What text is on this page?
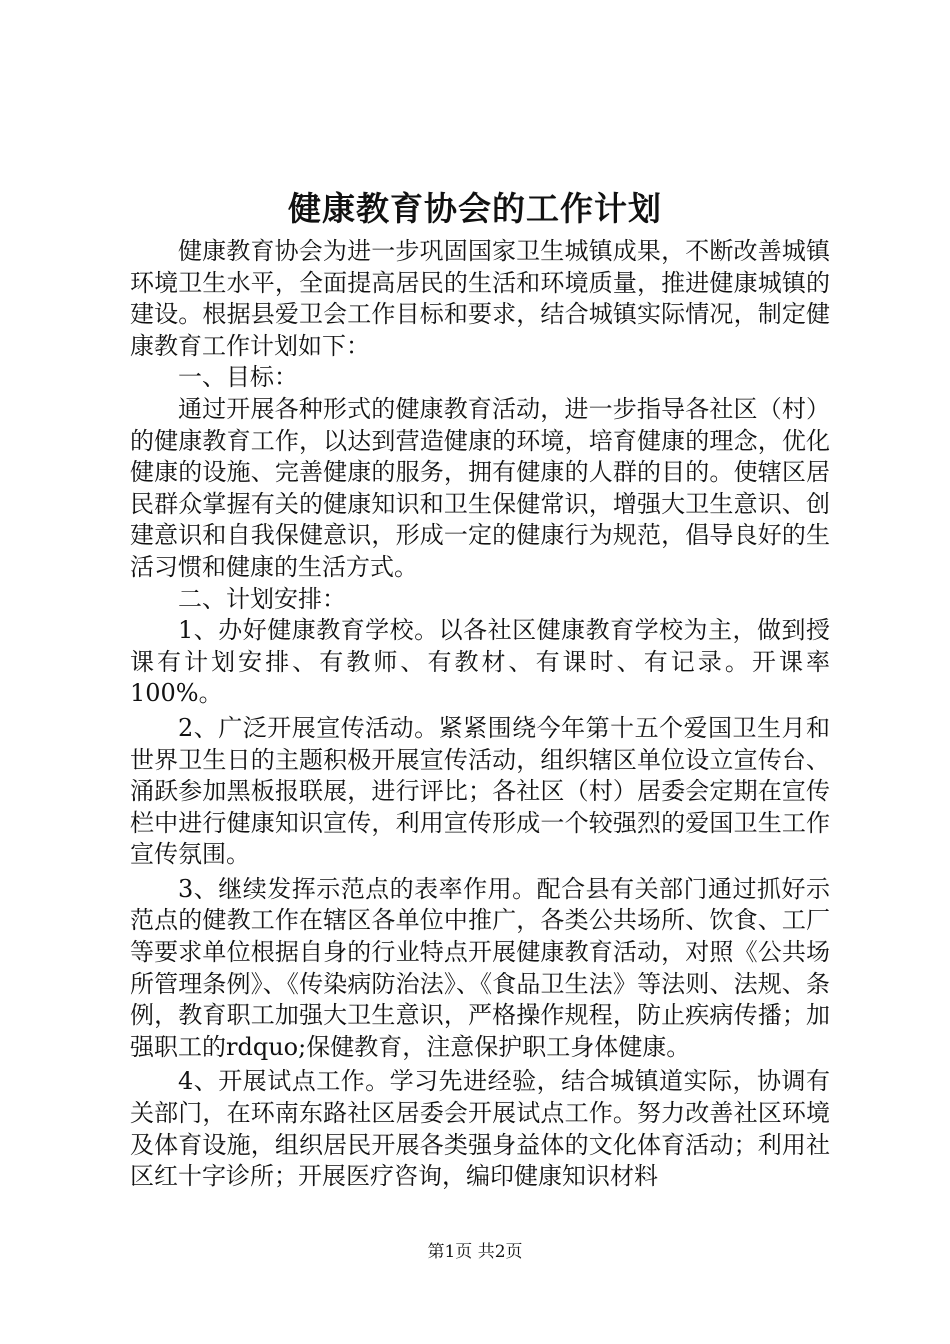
健康教育协会的工作计划

健康教育协会为进一步巩固国家卫生城镇成果，不断改善城镇环境卫生水平，全面提高居民的生活和环境质量，推进健康城镇的建设。根据县爱卫会工作目标和要求，结合城镇实际情况，制定健康教育工作计划如下：

一、目标：

通过开展各种形式的健康教育活动，进一步指导各社区（村）的健康教育工作，以达到营造健康的环境，培育健康的理念，优化健康的设施、完善健康的服务，拥有健康的人群的目的。使辖区居民群众掌握有关的健康知识和卫生保健常识，增强大卫生意识、创建意识和自我保健意识，形成一定的健康行为规范，倡导良好的生活习惯和健康的生活方式。

二、计划安排：

1、办好健康教育学校。以各社区健康教育学校为主，做到授课有计划安排、有教师、有教材、有课时、有记录。开课率100%。

2、广泛开展宣传活动。紧紧围绕今年第十五个爱国卫生月和世界卫生日的主题积极开展宣传活动，组织辖区单位设立宣传台、涌跃参加黑板报联展，进行评比；各社区（村）居委会定期在宣传栏中进行健康知识宣传，利用宣传形成一个较强烈的爱国卫生工作宣传氛围。

3、继续发挥示范点的表率作用。配合县有关部门通过抓好示范点的健教工作在辖区各单位中推广，各类公共场所、饮食、工厂等要求单位根据自身的行业特点开展健康教育活动，对照《公共场所管理条例》、《传染病防治法》、《食品卫生法》等法则、法规、条例，教育职工加强大卫生意识，严格操作规程，防止疾病传播；加强职工的rdquo;保健教育，注意保护职工身体健康。

4、开展试点工作。学习先进经验，结合城镇道实际，协调有关部门，在环南东路社区居委会开展试点工作。努力改善社区环境及体育设施，组织居民开展各类强身益体的文化体育活动；利用社区红十字诊所；开展医疗咨询，编印健康知识材料

第1页 共2页
